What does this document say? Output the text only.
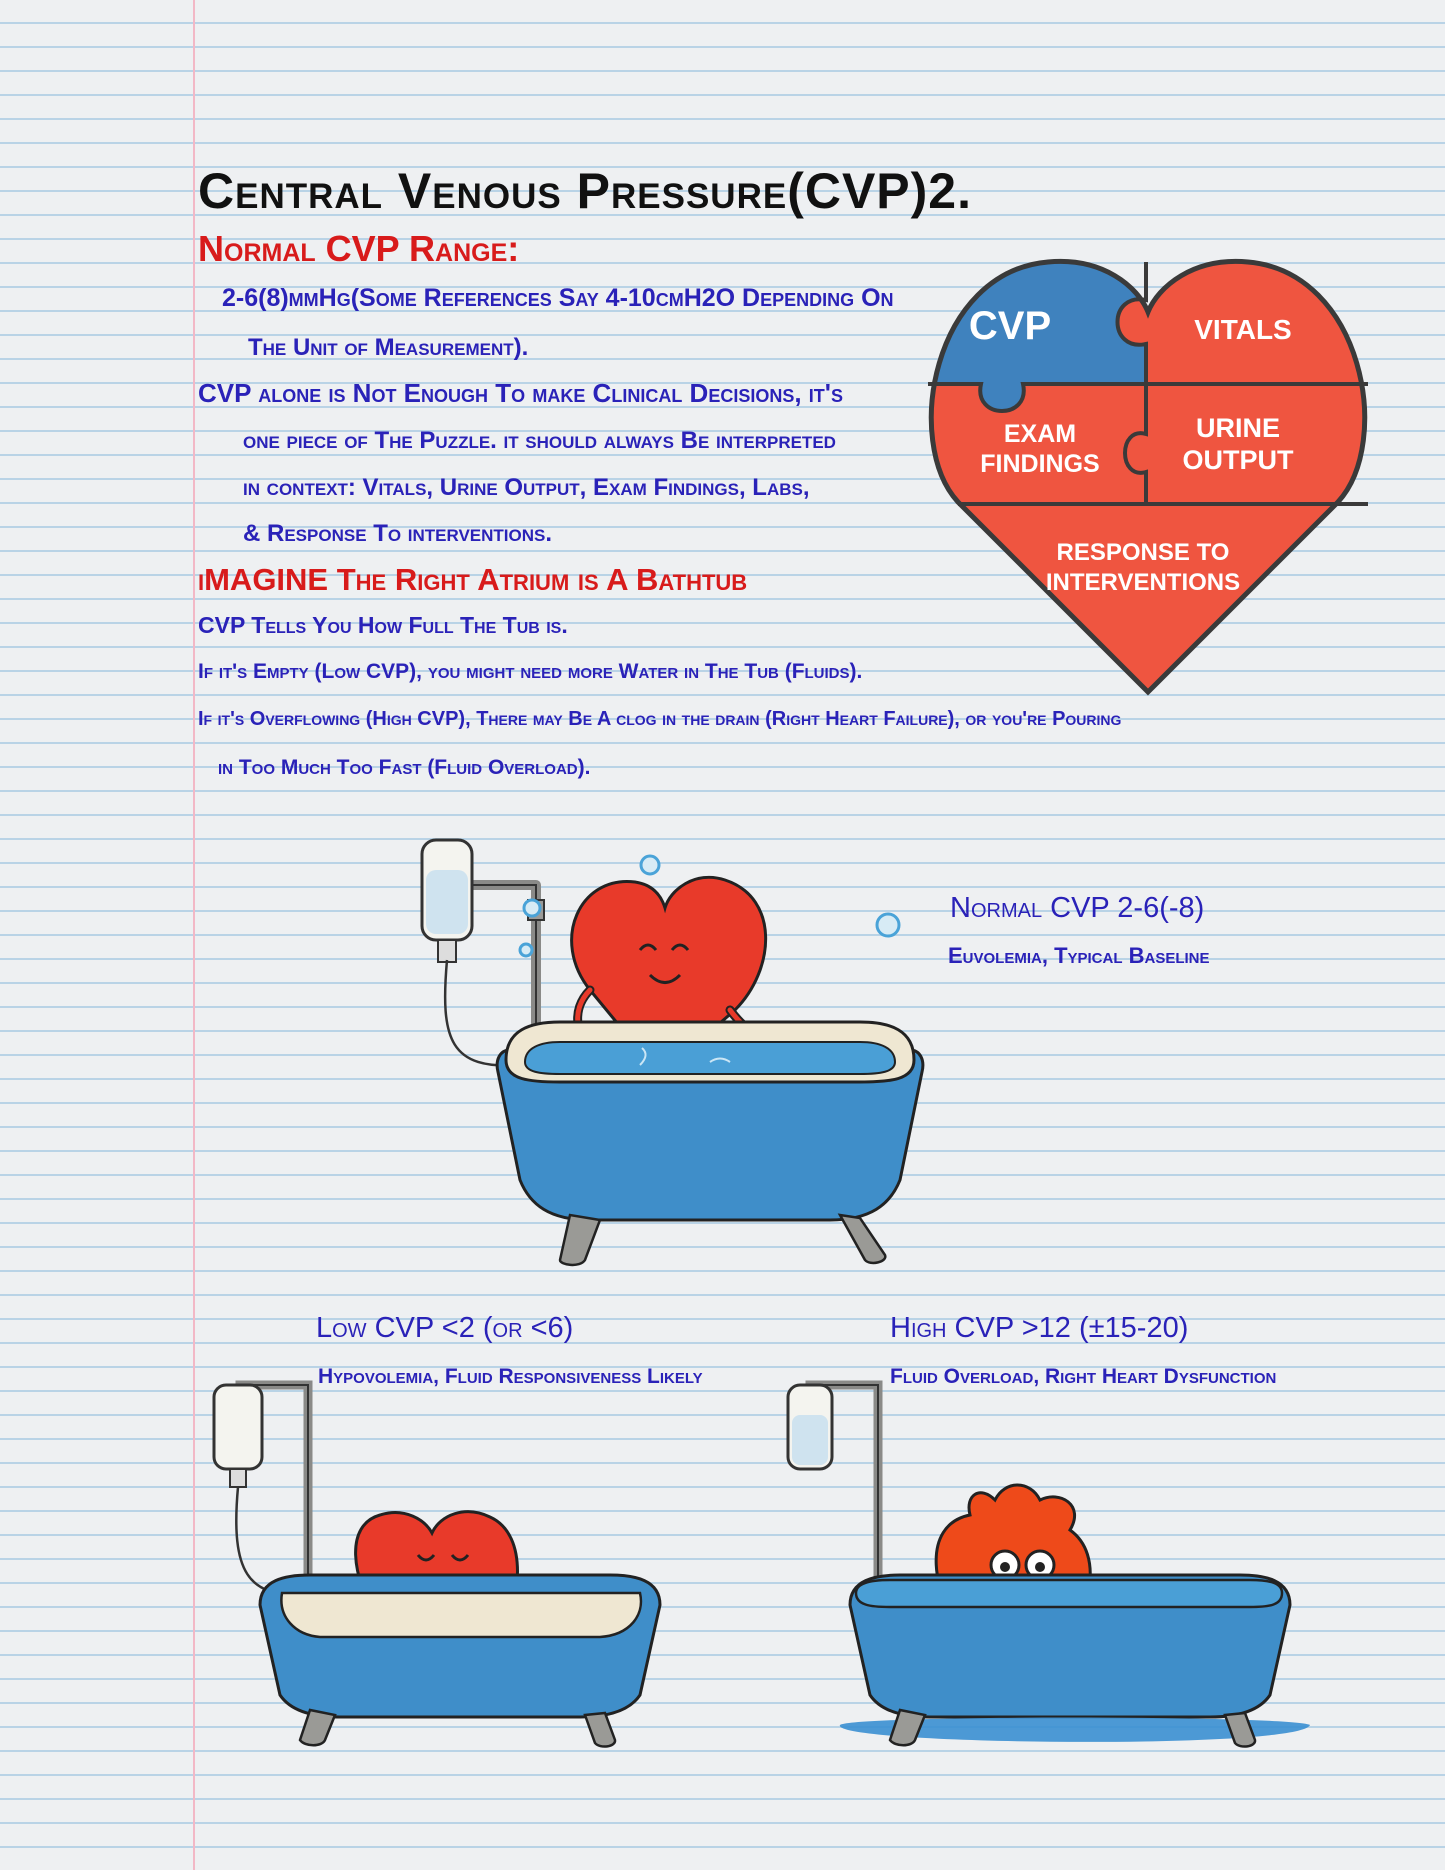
Central Venous Pressure(CVP)2.
Normal CVP Range:
2-6(8)mmHg(Some References Say 4-10cmH2O Depending On
The Unit of Measurement).
CVP alone is Not Enough To make Clinical Decisions, it's
one piece of The Puzzle. it should always Be interpreted
in context: Vitals, Urine Output, Exam Findings, Labs,
& Response To interventions.
iMAGINE The Right Atrium is A Bathtub
CVP Tells You How Full The Tub is.
If it's Empty (Low CVP), you might need more Water in The Tub (Fluids).
If it's Overflowing (High CVP), There may Be A clog in the drain (Right Heart Failure), or you're Pouring
in Too Much Too Fast (Fluid Overload).
CVP	VITALS
EXAM
FINDINGS
URINE
OUTPUT
RESPONSE TO
INTERVENTIONS
Normal CVP 2-6(-8)
Euvolemia, Typical Baseline
Low CVP <2 (or <6)
Hypovolemia, Fluid Responsiveness Likely
High CVP >12 (±15-20)
Fluid Overload, Right Heart Dysfunction
